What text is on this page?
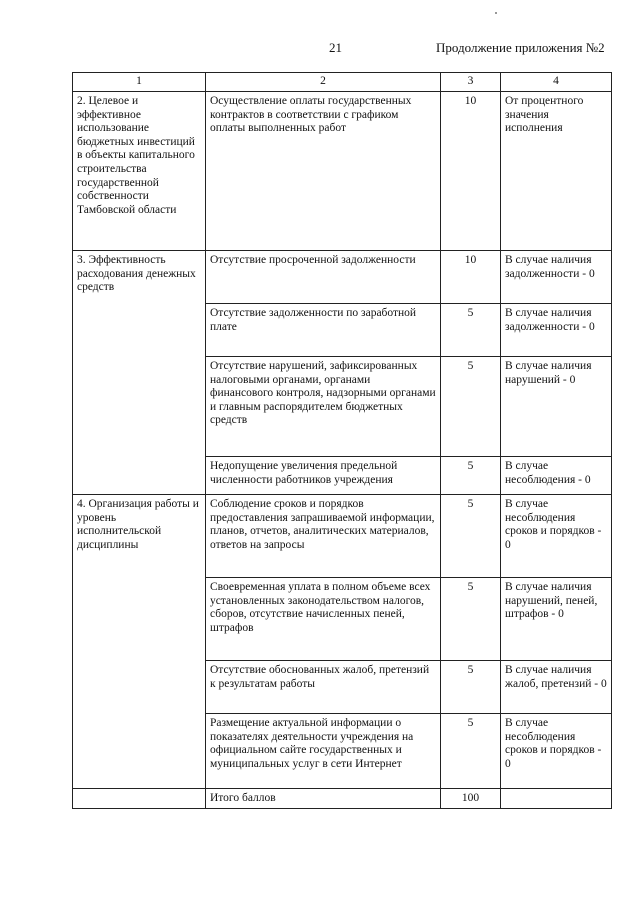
21	Продолжение приложения №2
1	2	3	4
2. Целевое и эффективное использование бюджетных инвестиций в объекты капитального строительства государственной собственности Тамбовской области	Осуществление оплаты государственных контрактов в соответствии с графиком оплаты выполненных работ	10	От процентного значения исполнения
3. Эффективность расходования денежных средств	Отсутствие просроченной задолженности	10	В случае наличия задолженности - 0
	Отсутствие задолженности по заработной плате	5	В случае наличия задолженности - 0
	Отсутствие нарушений, зафиксированных налоговыми органами, органами финансового контроля, надзорными органами и главным распорядителем бюджетных средств	5	В случае наличия нарушений - 0
	Недопущение увеличения предельной численности работников учреждения	5	В случае несоблюдения - 0
4. Организация работы и уровень исполнительской дисциплины	Соблюдение сроков и порядков предоставления запрашиваемой информации, планов, отчетов, аналитических материалов, ответов на запросы	5	В случае несоблюдения сроков и порядков - 0
	Своевременная уплата в полном объеме всех установленных законодательством налогов, сборов, отсутствие начисленных пеней, штрафов	5	В случае наличия нарушений, пеней, штрафов - 0
	Отсутствие обоснованных жалоб, претензий к результатам работы	5	В случае наличия жалоб, претензий - 0
	Размещение актуальной информации о показателях деятельности учреждения на официальном сайте государственных и муниципальных услуг в сети Интернет	5	В случае несоблюдения сроков и порядков - 0
	Итого баллов	100	
